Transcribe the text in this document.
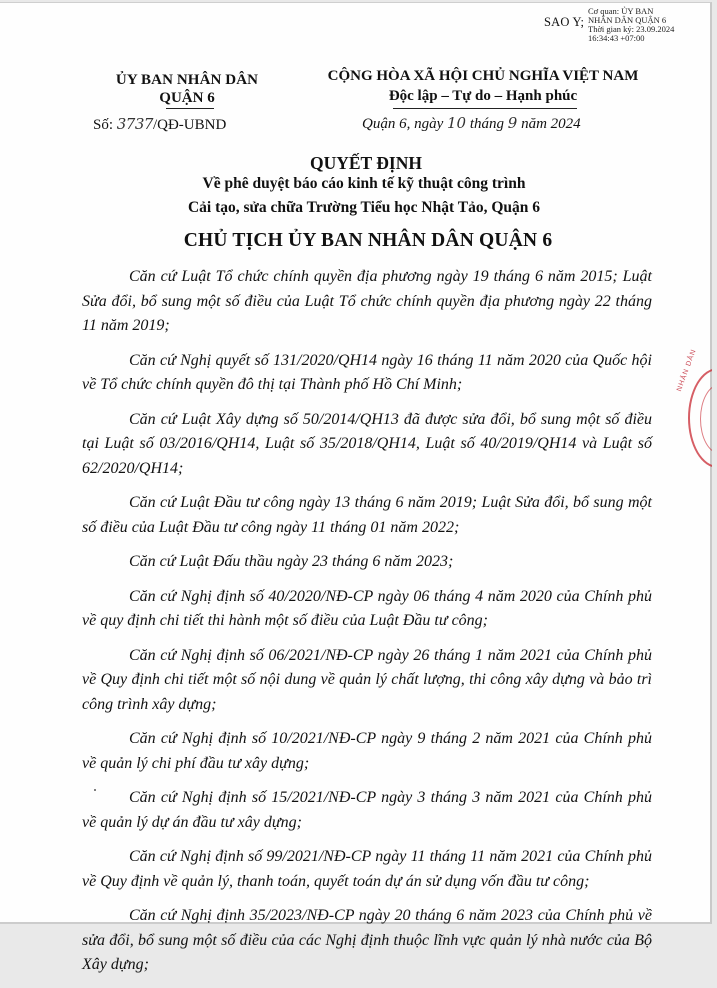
SAO Y;
Cơ quan: ỦY BAN
NHÂN DÂN QUẬN 6
Thời gian ký: 23.09.2024
16:34:43 +07:00
ỦY BAN NHÂN DÂN
QUẬN 6
Số: 3737/QĐ-UBND
CỘNG HÒA XÃ HỘI CHỦ NGHĨA VIỆT NAM
Độc lập – Tự do – Hạnh phúc
Quận 6, ngày 10 tháng 9 năm 2024
QUYẾT ĐỊNH
Về phê duyệt báo cáo kinh tế kỹ thuật công trình
Cải tạo, sửa chữa Trường Tiểu học Nhật Tảo, Quận 6
CHỦ TỊCH ỦY BAN NHÂN DÂN QUẬN 6

Căn cứ Luật Tổ chức chính quyền địa phương ngày 19 tháng 6 năm 2015; Luật Sửa đổi, bổ sung một số điều của Luật Tổ chức chính quyền địa phương ngày 22 tháng 11 năm 2019;

Căn cứ Nghị quyết số 131/2020/QH14 ngày 16 tháng 11 năm 2020 của Quốc hội về Tổ chức chính quyền đô thị tại Thành phố Hồ Chí Minh;

Căn cứ Luật Xây dựng số 50/2014/QH13 đã được sửa đổi, bổ sung một số điều tại Luật số 03/2016/QH14, Luật số 35/2018/QH14, Luật số 40/2019/QH14 và Luật số 62/2020/QH14;

Căn cứ Luật Đầu tư công ngày 13 tháng 6 năm 2019; Luật Sửa đổi, bổ sung một số điều của Luật Đầu tư công ngày 11 tháng 01 năm 2022;

Căn cứ Luật Đấu thầu ngày 23 tháng 6 năm 2023;

Căn cứ Nghị định số 40/2020/NĐ-CP ngày 06 tháng 4 năm 2020 của Chính phủ về quy định chi tiết thi hành một số điều của Luật Đầu tư công;

Căn cứ Nghị định số 06/2021/NĐ-CP ngày 26 tháng 1 năm 2021 của Chính phủ về Quy định chi tiết một số nội dung về quản lý chất lượng, thi công xây dựng và bảo trì công trình xây dựng;

Căn cứ Nghị định số 10/2021/NĐ-CP ngày 9 tháng 2 năm 2021 của Chính phủ về quản lý chi phí đầu tư xây dựng;

Căn cứ Nghị định số 15/2021/NĐ-CP ngày 3 tháng 3 năm 2021 của Chính phủ về quản lý dự án đầu tư xây dựng;

Căn cứ Nghị định số 99/2021/NĐ-CP ngày 11 tháng 11 năm 2021 của Chính phủ về Quy định về quản lý, thanh toán, quyết toán dự án sử dụng vốn đầu tư công;

Căn cứ Nghị định 35/2023/NĐ-CP ngày 20 tháng 6 năm 2023 của Chính phủ về sửa đổi, bổ sung một số điều của các Nghị định thuộc lĩnh vực quản lý nhà nước của Bộ Xây dựng;

NHÂN DÂN
